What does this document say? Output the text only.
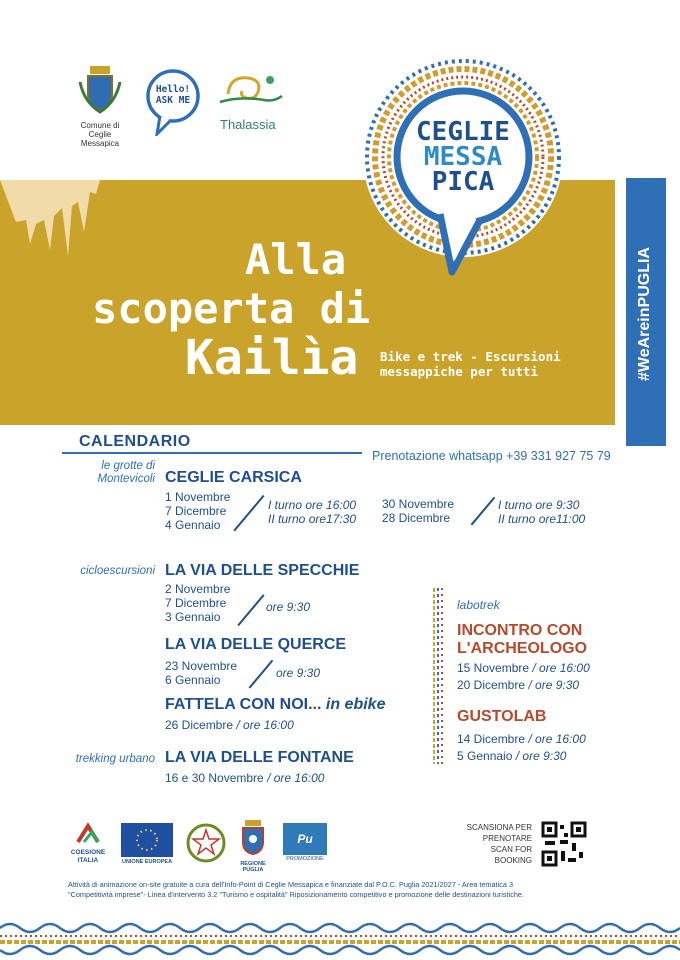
Comune di
Ceglie Messapica
Hello!
ASK ME
Thalassia	CEGLIE
MESSA
PICA
#WeAreinPUGLIA
Alla
scoperta di
Kailìa Bike e trek - Escursioni
messappiche per tutti
CALENDARIO	Attività di animazione on-site gratuite
Prenotazione whatsapp +39 331 927 75 79
le grotte di
Montevicoli CEGLIE CARSICA
1 Novembre
7 Dicembre
4 Gennaio
I turno ore 16:00
II turno ore17:30
30 Novembre
28 Dicembre
I turno ore 9:30
II turno ore11:00
cicloescursioni LA VIA DELLE SPECCHIE
2 Novembre
7 Dicembre
3 Gennaio
ore 9:30
LA VIA DELLE QUERCE
23 Novembre
6 Gennaio	ore 9:30
FATTELA CON NOI... in ebike
26 Dicembre / ore 16:00
trekking urbano LA VIA DELLE FONTANE
16 e 30 Novembre / ore 16:00
labotrek
INCONTRO CON
L'ARCHEOLOGO
15 Novembre / ore 16:00
20 Dicembre / ore 9:30
GUSTOLAB
14 Dicembre / ore 16:00
5 Gennaio / ore 9:30
COESIONE ITALIA	UNIONE EUROPEA	REGIONE PUGLIA
Pu
PROMOZIONE
SCANSIONA PER
PRENOTARE
SCAN FOR
BOOKING
Attività di animazione on-site gratuite a cura dell'Info-Point di Ceglie Messapica e finanziate dal P.O.C. Puglia 2021/2027 - Area tematica 3
"Competitività imprese"- Linea d'intervento 3.2 "Turismo e ospitalità" Riposizionamento competitivo e promozione delle destinazioni turistiche.
